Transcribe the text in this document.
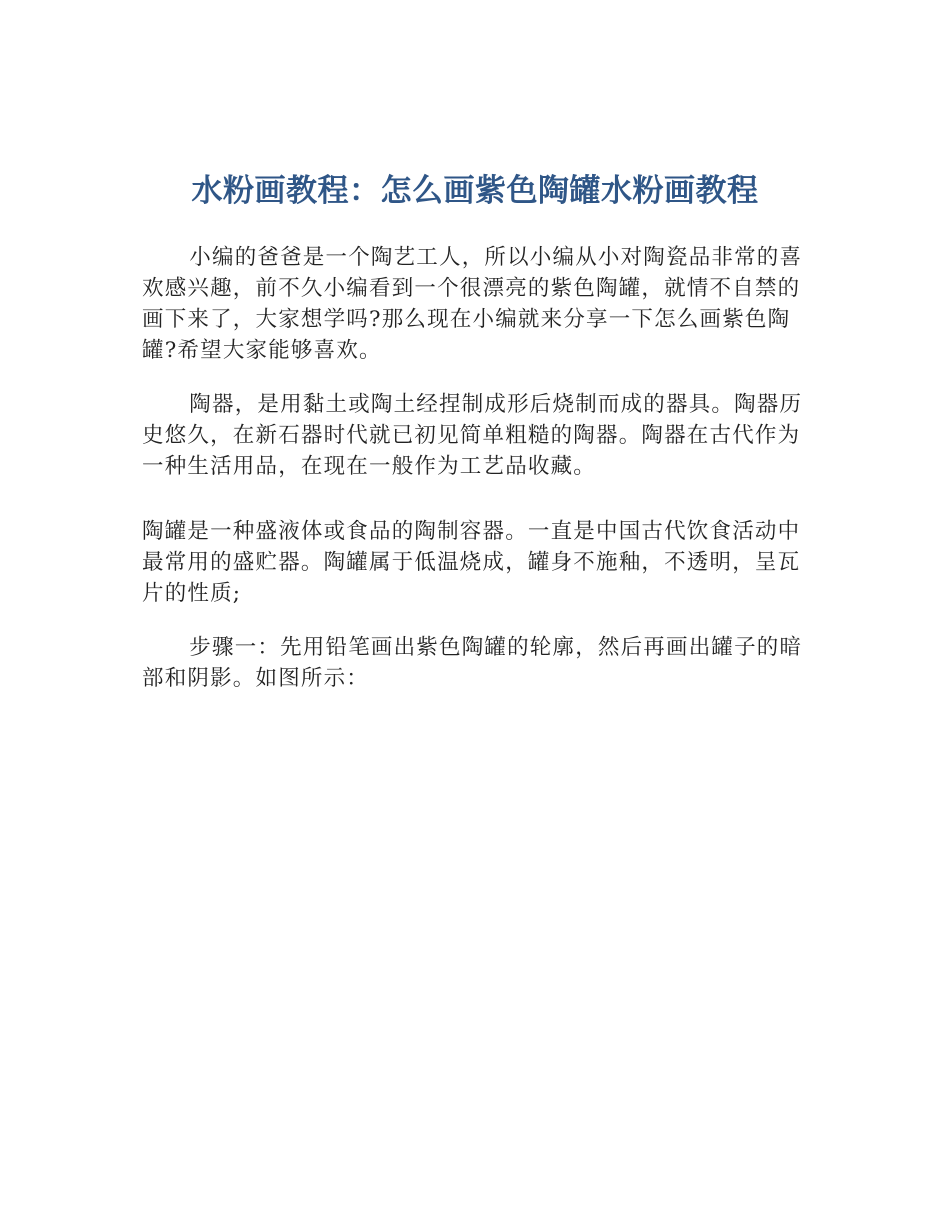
水粉画教程：怎么画紫色陶罐水粉画教程

小编的爸爸是一个陶艺工人，所以小编从小对陶瓷品非常的喜欢感兴趣，前不久小编看到一个很漂亮的紫色陶罐，就情不自禁的画下来了，大家想学吗?那么现在小编就来分享一下怎么画紫色陶罐?希望大家能够喜欢。

陶器，是用黏土或陶土经捏制成形后烧制而成的器具。陶器历史悠久，在新石器时代就已初见简单粗糙的陶器。陶器在古代作为一种生活用品，在现在一般作为工艺品收藏。

陶罐是一种盛液体或食品的陶制容器。一直是中国古代饮食活动中最常用的盛贮器。陶罐属于低温烧成，罐身不施釉，不透明，呈瓦片的性质;

步骤一：先用铅笔画出紫色陶罐的轮廓，然后再画出罐子的暗部和阴影。如图所示：
